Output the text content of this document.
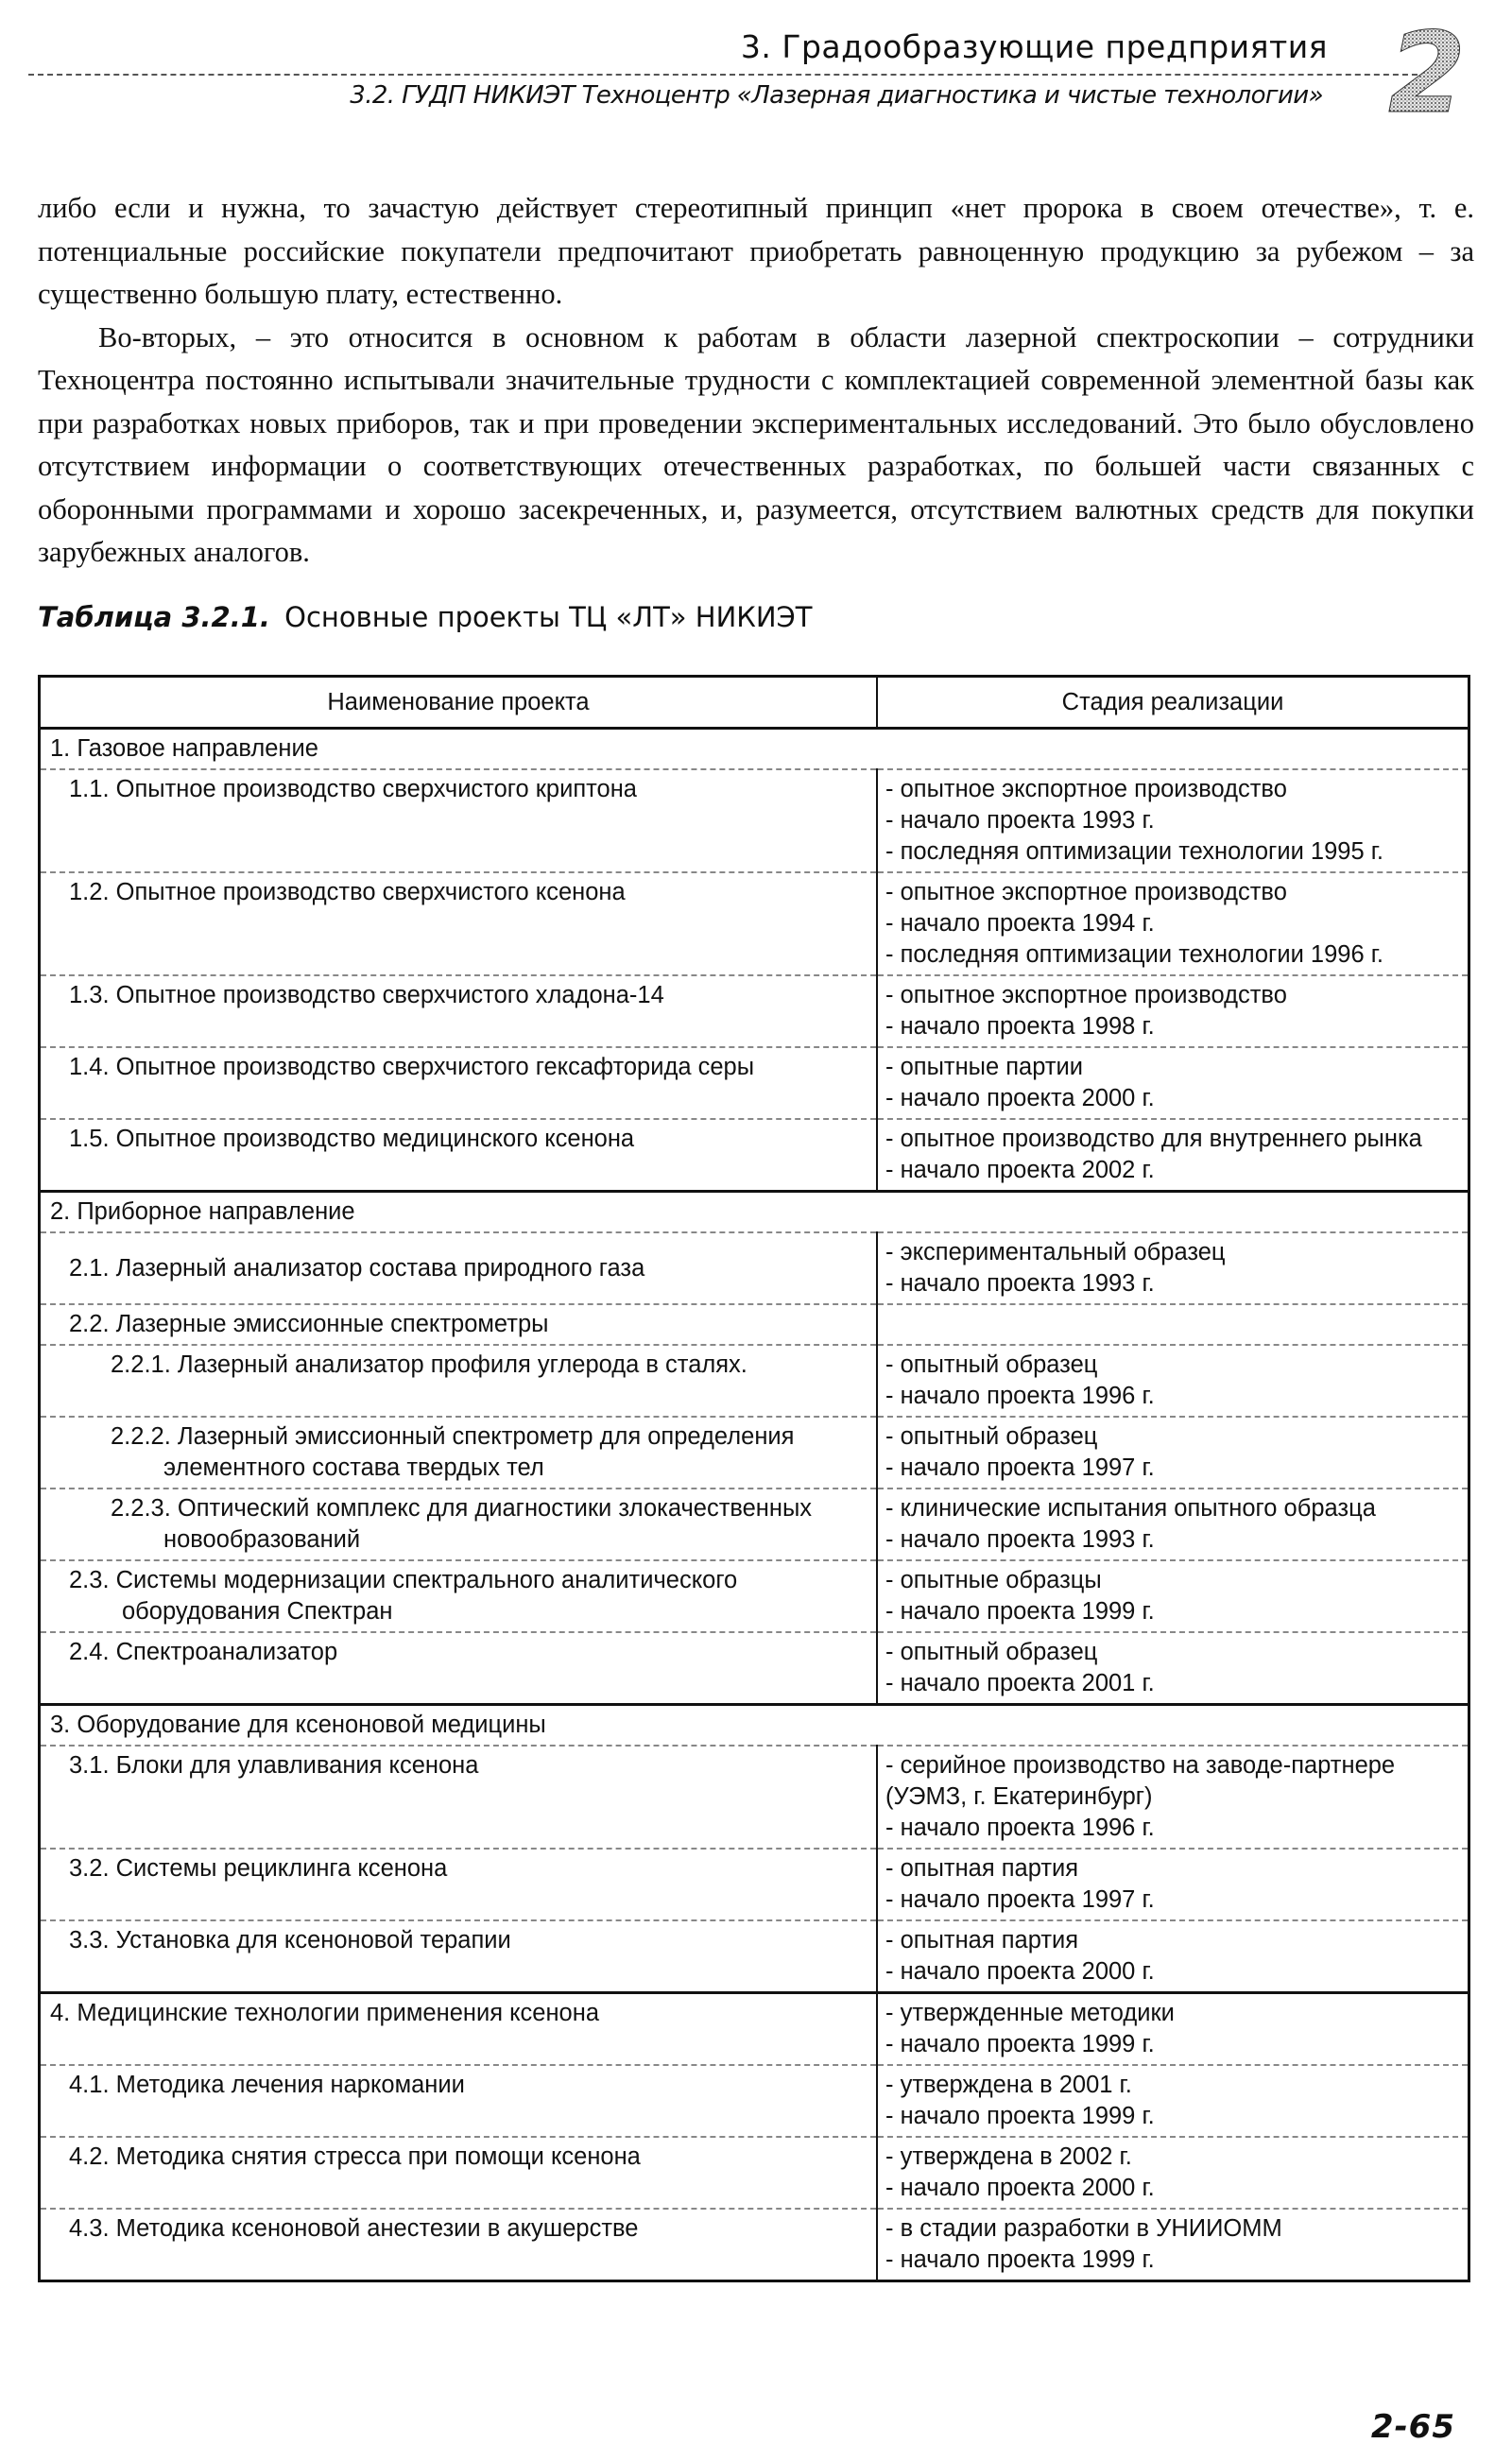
3. Градообразующие предприятия
3.2. ГУДП НИКИЭТ Техноцентр «Лазерная диагностика и чистые технологии» 2

либо если и нужна, то зачастую действует стереотипный принцип «нет пророка в своем отечестве», т. е. потенциальные российские покупатели предпочитают приобретать равноценную продукцию за рубежом – за существенно большую плату, естественно.

Во-вторых, – это относится в основном к работам в области лазерной спектроскопии – сотрудники Техноцентра постоянно испытывали значительные трудности с комплектацией современной элементной базы как при разработках новых приборов, так и при проведении экспериментальных исследований. Это было обусловлено отсутствием информации о соответствующих отечественных разработках, по большей части связанных с оборонными программами и хорошо засекреченных, и, разумеется, отсутствием валютных средств для покупки зарубежных аналогов.

Таблица 3.2.1. Основные проекты ТЦ «ЛТ» НИКИЭТ
Наименование проекта	Стадия реализации
1. Газовое направление	
1.1. Опытное производство сверхчистого криптона	- опытное экспортное производство
- начало проекта 1993 г.
- последняя оптимизации технологии 1995 г.

1.2. Опытное производство сверхчистого ксенона	- опытное экспортное производство
- начало проекта 1994 г.
- последняя оптимизации технологии 1996 г.

1.3. Опытное производство сверхчистого хладона-14	- опытное экспортное производство
- начало проекта 1998 г.

1.4. Опытное производство сверхчистого гексафторида серы	- опытные партии
- начало проекта 2000 г.

1.5. Опытное производство медицинского ксенона	- опытное производство для внутреннего рынка
- начало проекта 2002 г.

2. Приборное направление	
2.1. Лазерный анализатор состава природного газа	- экспериментальный образец
- начало проекта 1993 г.

2.2. Лазерные эмиссионные спектрометры	

2.2.1. Лазерный анализатор профиля углерода в сталях.	- опытный образец
- начало проекта 1996 г.

2.2.2. Лазерный эмиссионный спектрометр для определения элементного состава твердых тел	- опытный образец
- начало проекта 1997 г.

2.2.3. Оптический комплекс для диагностики злокачественных новообразований	- клинические испытания опытного образца
- начало проекта 1993 г.

2.3. Системы модернизации спектрального аналитического оборудования Спектран	- опытные образцы
- начало проекта 1999 г.

2.4. Спектроанализатор	- опытный образец
- начало проекта 2001 г.

3. Оборудование для ксеноновой медицины	
3.1. Блоки для улавливания ксенона	- серийное производство на заводе-партнере
(УЭМЗ, г. Екатеринбург)
- начало проекта 1996 г.

3.2. Системы рециклинга ксенона	- опытная партия
- начало проекта 1997 г.

3.3. Установка для ксеноновой терапии	- опытная партия
- начало проекта 2000 г.

4. Медицинские технологии применения ксенона	- утвержденные методики
- начало проекта 1999 г.

4.1. Методика лечения наркомании	- утверждена в 2001 г.
- начало проекта 1999 г.

4.2. Методика снятия стресса при помощи ксенона	- утверждена в 2002 г.
- начало проекта 2000 г.

4.3. Методика ксеноновой анестезии в акушерстве	- в стадии разработки в УНИИОММ
- начало проекта 1999 г.
2-65
